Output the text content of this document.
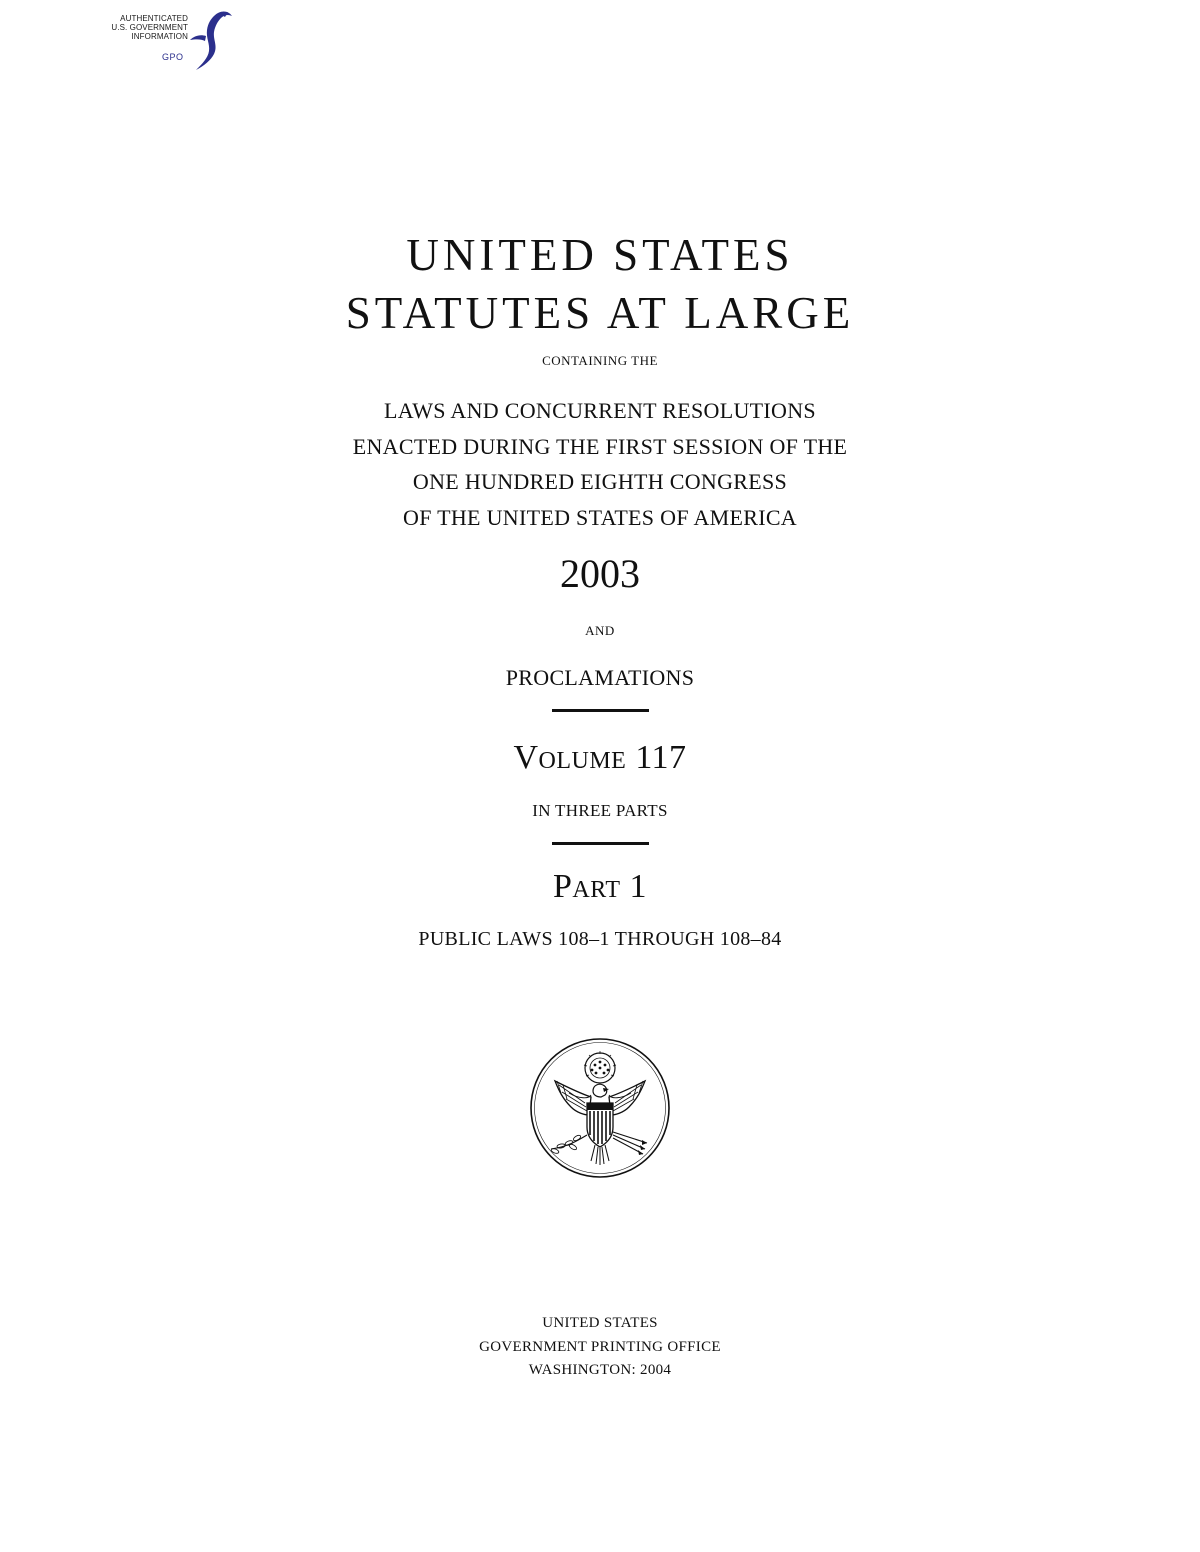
AUTHENTICATED
U.S. GOVERNMENT
INFORMATION
GPO
UNITED STATES
STATUTES AT LARGE
CONTAINING THE
LAWS AND CONCURRENT RESOLUTIONS
ENACTED DURING THE FIRST SESSION OF THE
ONE HUNDRED EIGHTH CONGRESS
OF THE UNITED STATES OF AMERICA
2003
AND
PROCLAMATIONS
Volume 117
IN THREE PARTS
Part 1
PUBLIC LAWS 108–1 THROUGH 108–84
UNITED STATES
GOVERNMENT PRINTING OFFICE
WASHINGTON: 2004
